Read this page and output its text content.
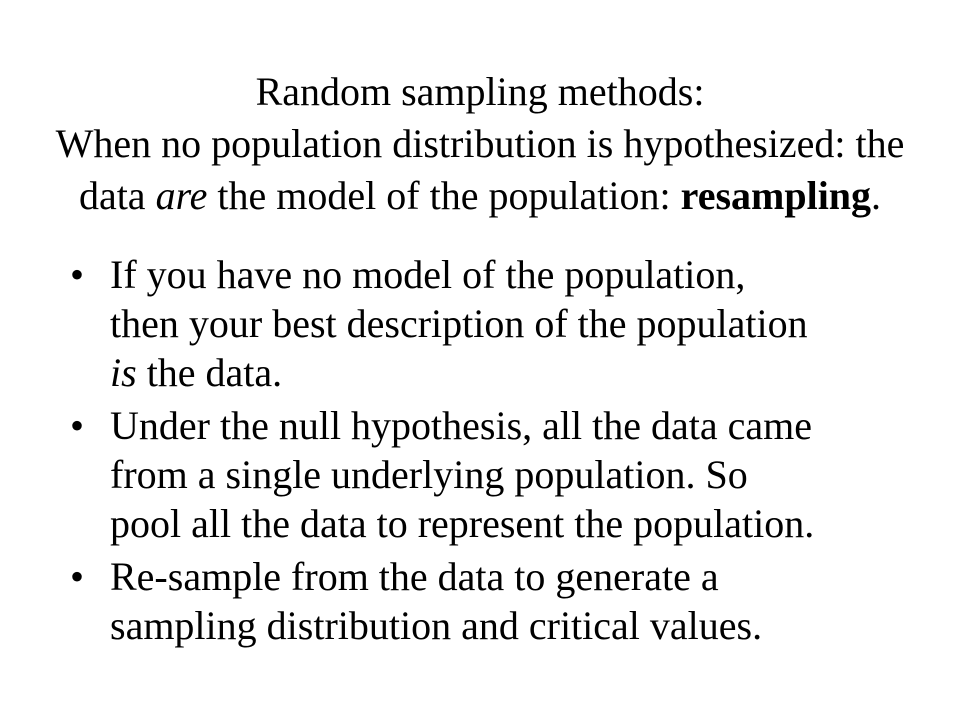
Random sampling methods:
When no population distribution is hypothesized: the
data are the model of the population: resampling.
• If you have no model of the population,
then your best description of the population
is the data.
• Under the null hypothesis, all the data came
from a single underlying population. So
pool all the data to represent the population.
• Re-sample from the data to generate a
sampling distribution and critical values.
